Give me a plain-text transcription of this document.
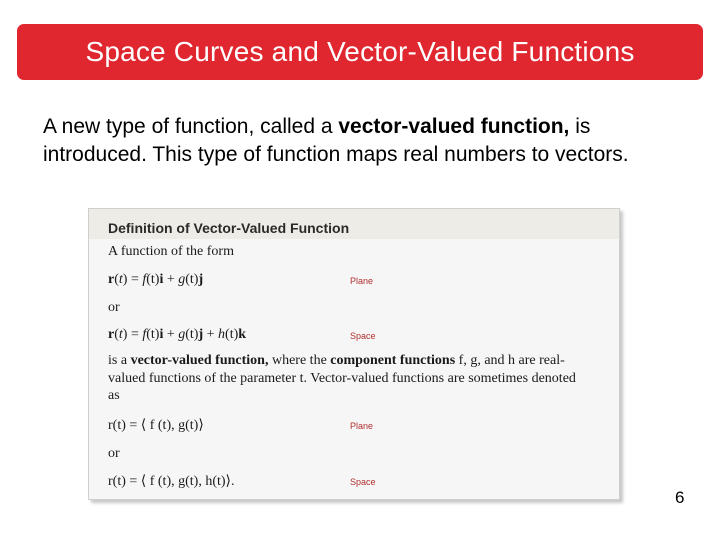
Space Curves and Vector-Valued Functions
A new type of function, called a vector-valued function, is introduced. This type of function maps real numbers to vectors.
Definition of Vector-Valued Function
A function of the form
r(t) = f(t)i + g(t)j	Plane
or
r(t) = f(t)i + g(t)j + h(t)k	Space
is a vector-valued function, where the component functions f, g, and h are real-valued functions of the parameter t. Vector-valued functions are sometimes denoted as
r(t) = ⟨ f (t), g(t)⟩	Plane
or
r(t) = ⟨ f (t), g(t), h(t)⟩.	Space
6
